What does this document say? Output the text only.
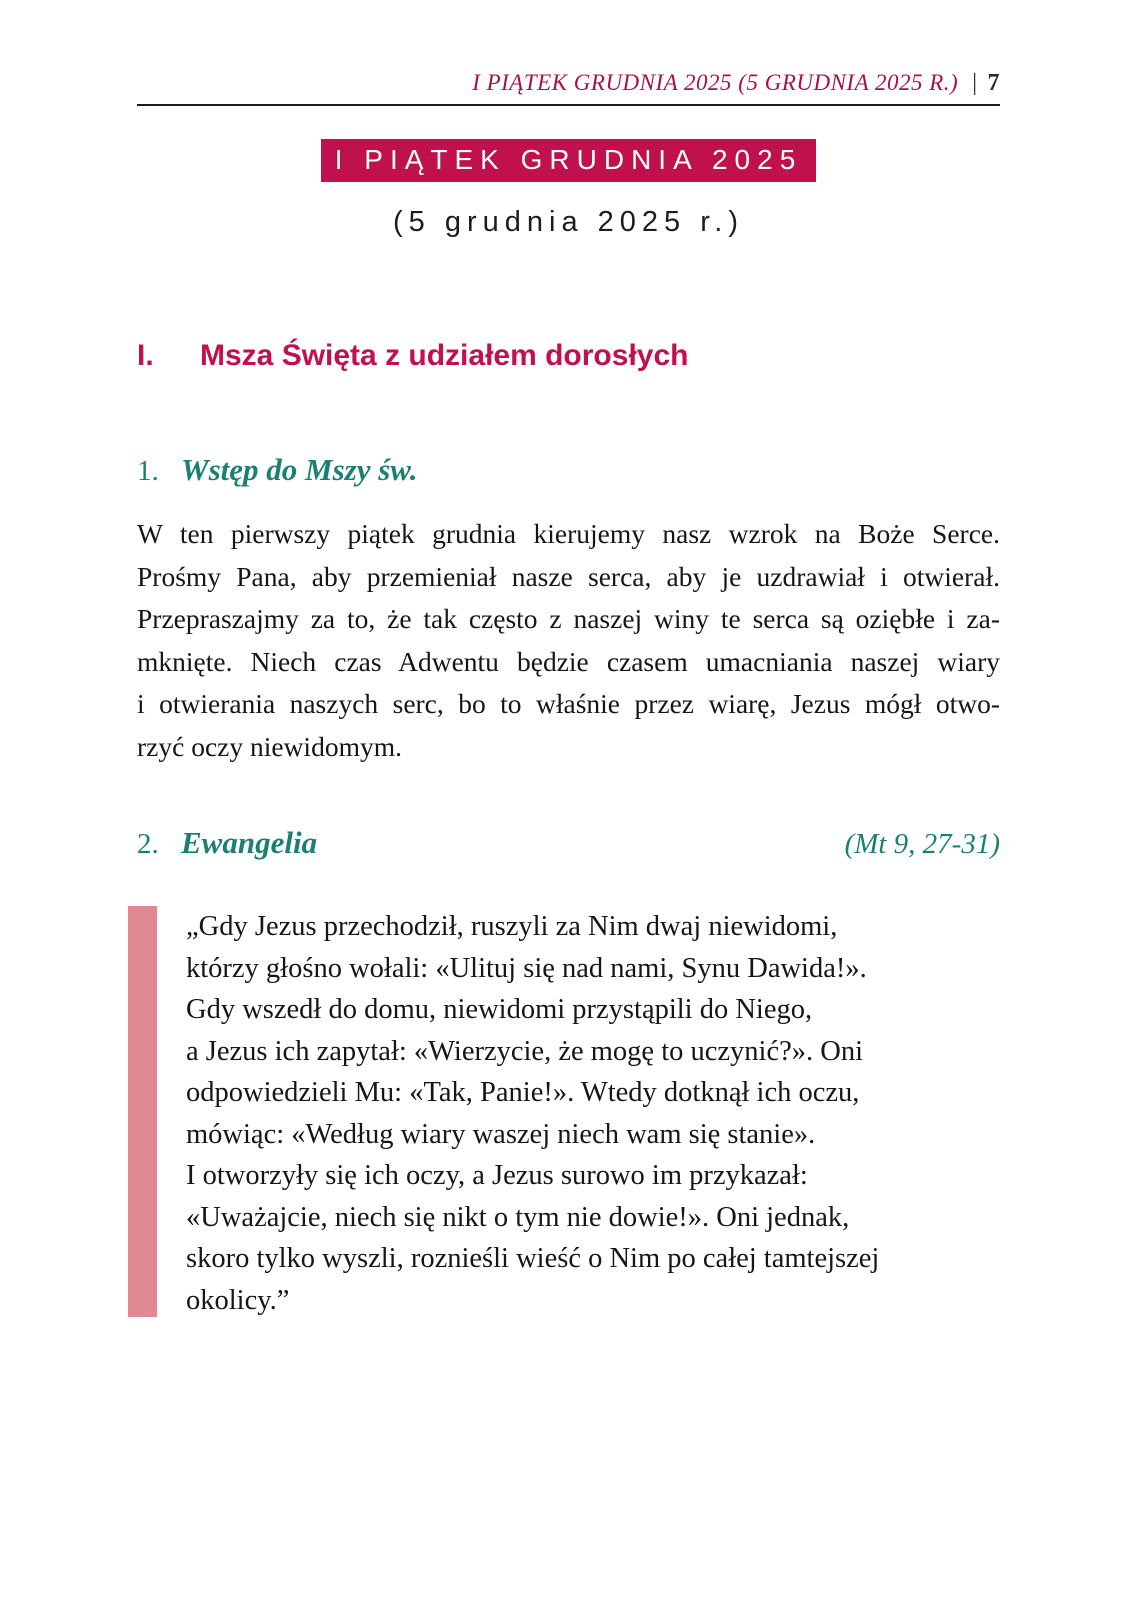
I PIĄTEK GRUDNIA 2025 (5 GRUDNIA 2025 R.) | 7
I PIĄTEK GRUDNIA 2025
(5 grudnia 2025 r.)
I.	Msza Święta z udziałem dorosłych
1. Wstęp do Mszy św.
W ten pierwszy piątek grudnia kierujemy nasz wzrok na Boże Serce.
Prośmy Pana, aby przemieniał nasze serca, aby je uzdrawiał i otwierał.
Przepraszajmy za to, że tak często z naszej winy te serca są oziębłe i za-
mknięte. Niech czas Adwentu będzie czasem umacniania naszej wiary
i otwierania naszych serc, bo to właśnie przez wiarę, Jezus mógł otwo-
rzyć oczy niewidomym.
2. Ewangelia	(Mt 9, 27-31)
„Gdy Jezus przechodził, ruszyli za Nim dwaj niewidomi,
którzy głośno wołali: «Ulituj się nad nami, Synu Dawida!».
Gdy wszedł do domu, niewidomi przystąpili do Niego,
a Jezus ich zapytał: «Wierzycie, że mogę to uczynić?». Oni
odpowiedzieli Mu: «Tak, Panie!». Wtedy dotknął ich oczu,
mówiąc: «Według wiary waszej niech wam się stanie».
I otworzyły się ich oczy, a Jezus surowo im przykazał:
«Uważajcie, niech się nikt o tym nie dowie!». Oni jednak,
skoro tylko wyszli, roznieśli wieść o Nim po całej tamtejszej
okolicy.”
